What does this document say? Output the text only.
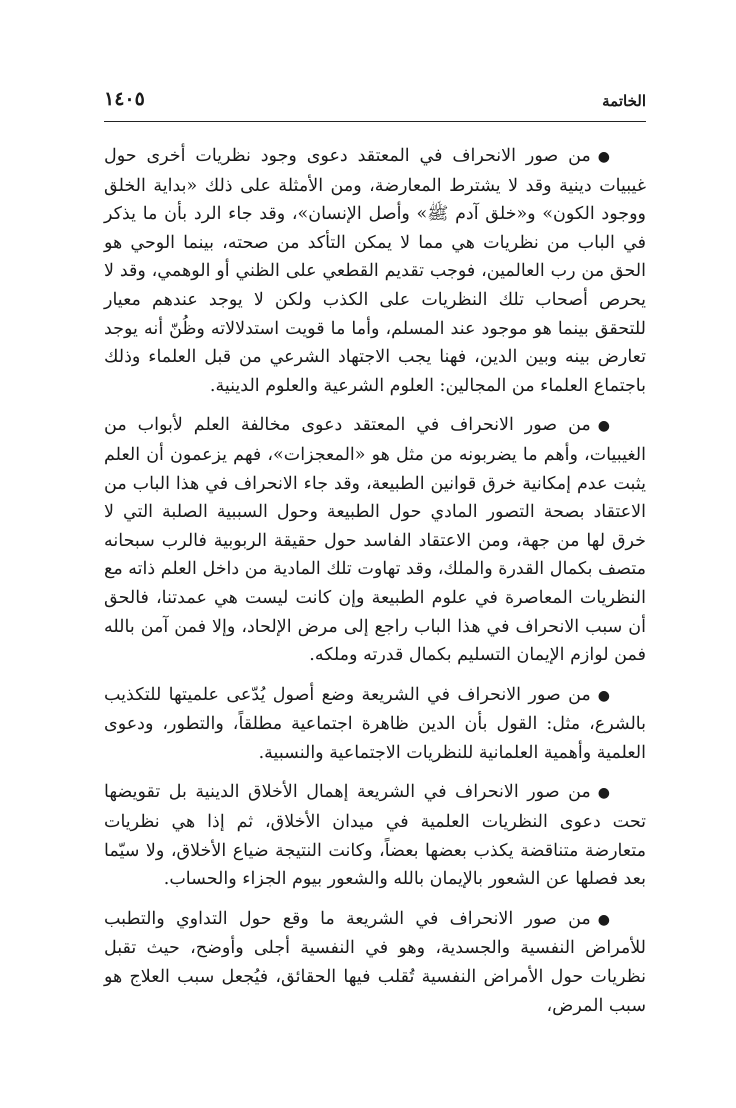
الخاتمة
١٤٠٥

●من صور الانحراف في المعتقد دعوى وجود نظريات أخرى حول غيبيات دينية وقد لا يشترط المعارضة، ومن الأمثلة على ذلك «بداية الخلق ووجود الكون» و«خلق آدم ﷺ» وأصل الإنسان»، وقد جاء الرد بأن ما يذكر في الباب من نظريات هي مما لا يمكن التأكد من صحته، بينما الوحي هو الحق من رب العالمين، فوجب تقديم القطعي على الظني أو الوهمي، وقد لا يحرص أصحاب تلك النظريات على الكذب ولكن لا يوجد عندهم معيار للتحقق بينما هو موجود عند المسلم، وأما ما قويت استدلالاته وظُنّ أنه يوجد تعارض بينه وبين الدين، فهنا يجب الاجتهاد الشرعي من قبل العلماء وذلك باجتماع العلماء من المجالين: العلوم الشرعية والعلوم الدينية.

●من صور الانحراف في المعتقد دعوى مخالفة العلم لأبواب من الغيبيات، وأهم ما يضربونه من مثل هو «المعجزات»، فهم يزعمون أن العلم يثبت عدم إمكانية خرق قوانين الطبيعة، وقد جاء الانحراف في هذا الباب من الاعتقاد بصحة التصور المادي حول الطبيعة وحول السببية الصلبة التي لا خرق لها من جهة، ومن الاعتقاد الفاسد حول حقيقة الربوبية فالرب سبحانه متصف بكمال القدرة والملك، وقد تهاوت تلك المادية من داخل العلم ذاته مع النظريات المعاصرة في علوم الطبيعة وإن كانت ليست هي عمدتنا، فالحق أن سبب الانحراف في هذا الباب راجع إلى مرض الإلحاد، وإلا فمن آمن بالله فمن لوازم الإيمان التسليم بكمال قدرته وملكه.

●من صور الانحراف في الشريعة وضع أصول يُدّعى علميتها للتكذيب بالشرع، مثل: القول بأن الدين ظاهرة اجتماعية مطلقاً، والتطور، ودعوى العلمية وأهمية العلمانية للنظريات الاجتماعية والنسبية.

●من صور الانحراف في الشريعة إهمال الأخلاق الدينية بل تقويضها تحت دعوى النظريات العلمية في ميدان الأخلاق، ثم إذا هي نظريات متعارضة متناقضة يكذب بعضها بعضاً، وكانت النتيجة ضياع الأخلاق، ولا سيّما بعد فصلها عن الشعور بالإيمان بالله والشعور بيوم الجزاء والحساب.

●من صور الانحراف في الشريعة ما وقع حول التداوي والتطبب للأمراض النفسية والجسدية، وهو في النفسية أجلى وأوضح، حيث تقبل نظريات حول الأمراض النفسية تُقلب فيها الحقائق، فيُجعل سبب العلاج هو سبب المرض،
